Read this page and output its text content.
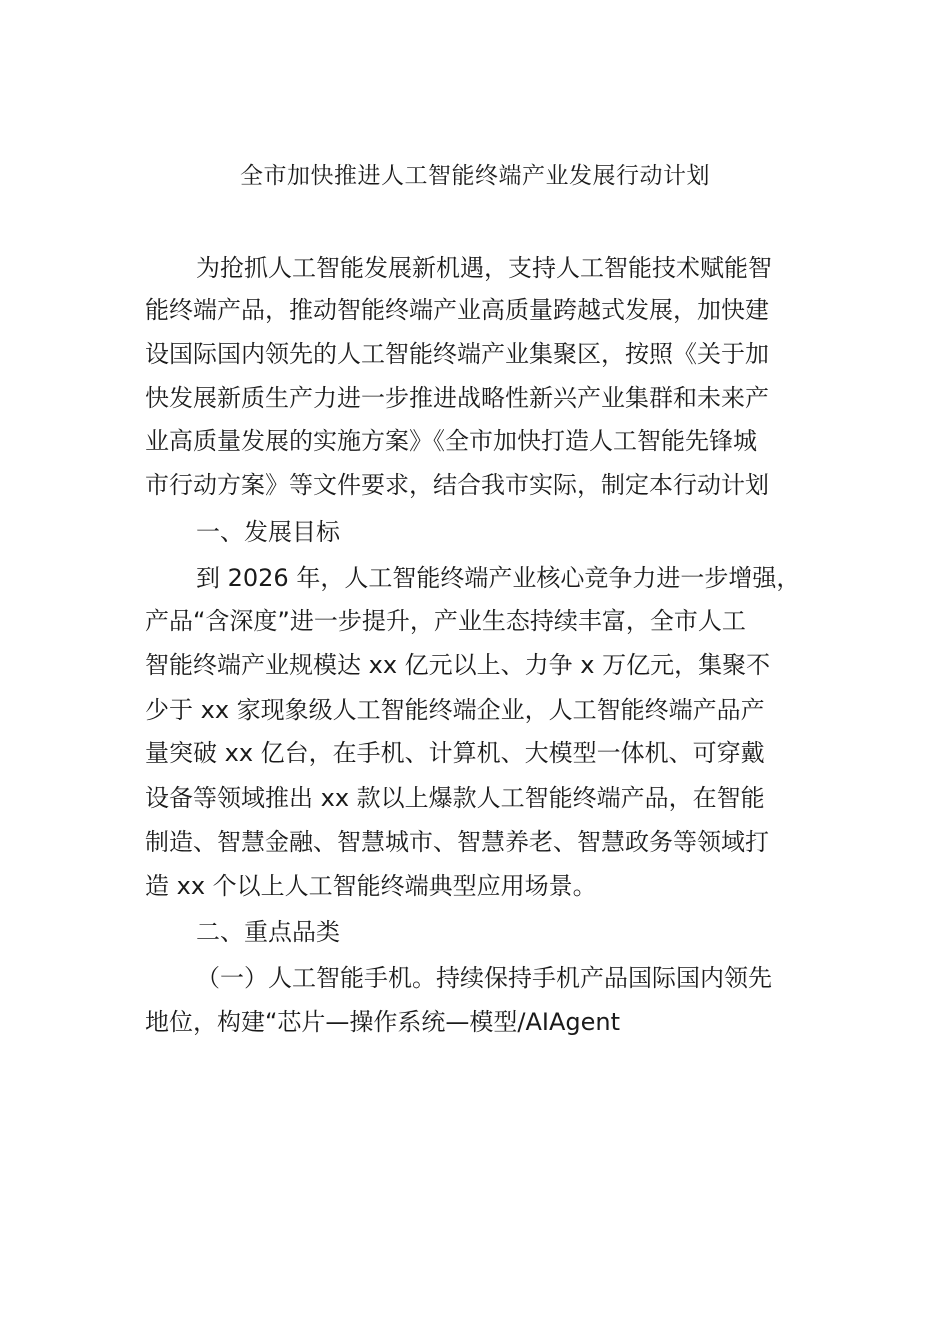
全市加快推进人工智能终端产业发展行动计划
为抢抓人工智能发展新机遇，支持人工智能技术赋能智
能终端产品，推动智能终端产业高质量跨越式发展，加快建
设国际国内领先的人工智能终端产业集聚区，按照《关于加
快发展新质生产力进一步推进战略性新兴产业集群和未来产
业高质量发展的实施方案》《全市加快打造人工智能先锋城
市行动方案》等文件要求，结合我市实际，制定本行动计划
一、发展目标
到 2026 年，人工智能终端产业核心竞争力进一步增强，
产品“含深度”进一步提升，产业生态持续丰富，全市人工
智能终端产业规模达 xx 亿元以上、力争 x 万亿元，集聚不
少于 xx 家现象级人工智能终端企业，人工智能终端产品产
量突破 xx 亿台，在手机、计算机、大模型一体机、可穿戴
设备等领域推出 xx 款以上爆款人工智能终端产品，在智能
制造、智慧金融、智慧城市、智慧养老、智慧政务等领域打
造 xx 个以上人工智能终端典型应用场景。
二、重点品类
（一）人工智能手机。持续保持手机产品国际国内领先
地位，构建“芯片—操作系统—模型/AIAgent
